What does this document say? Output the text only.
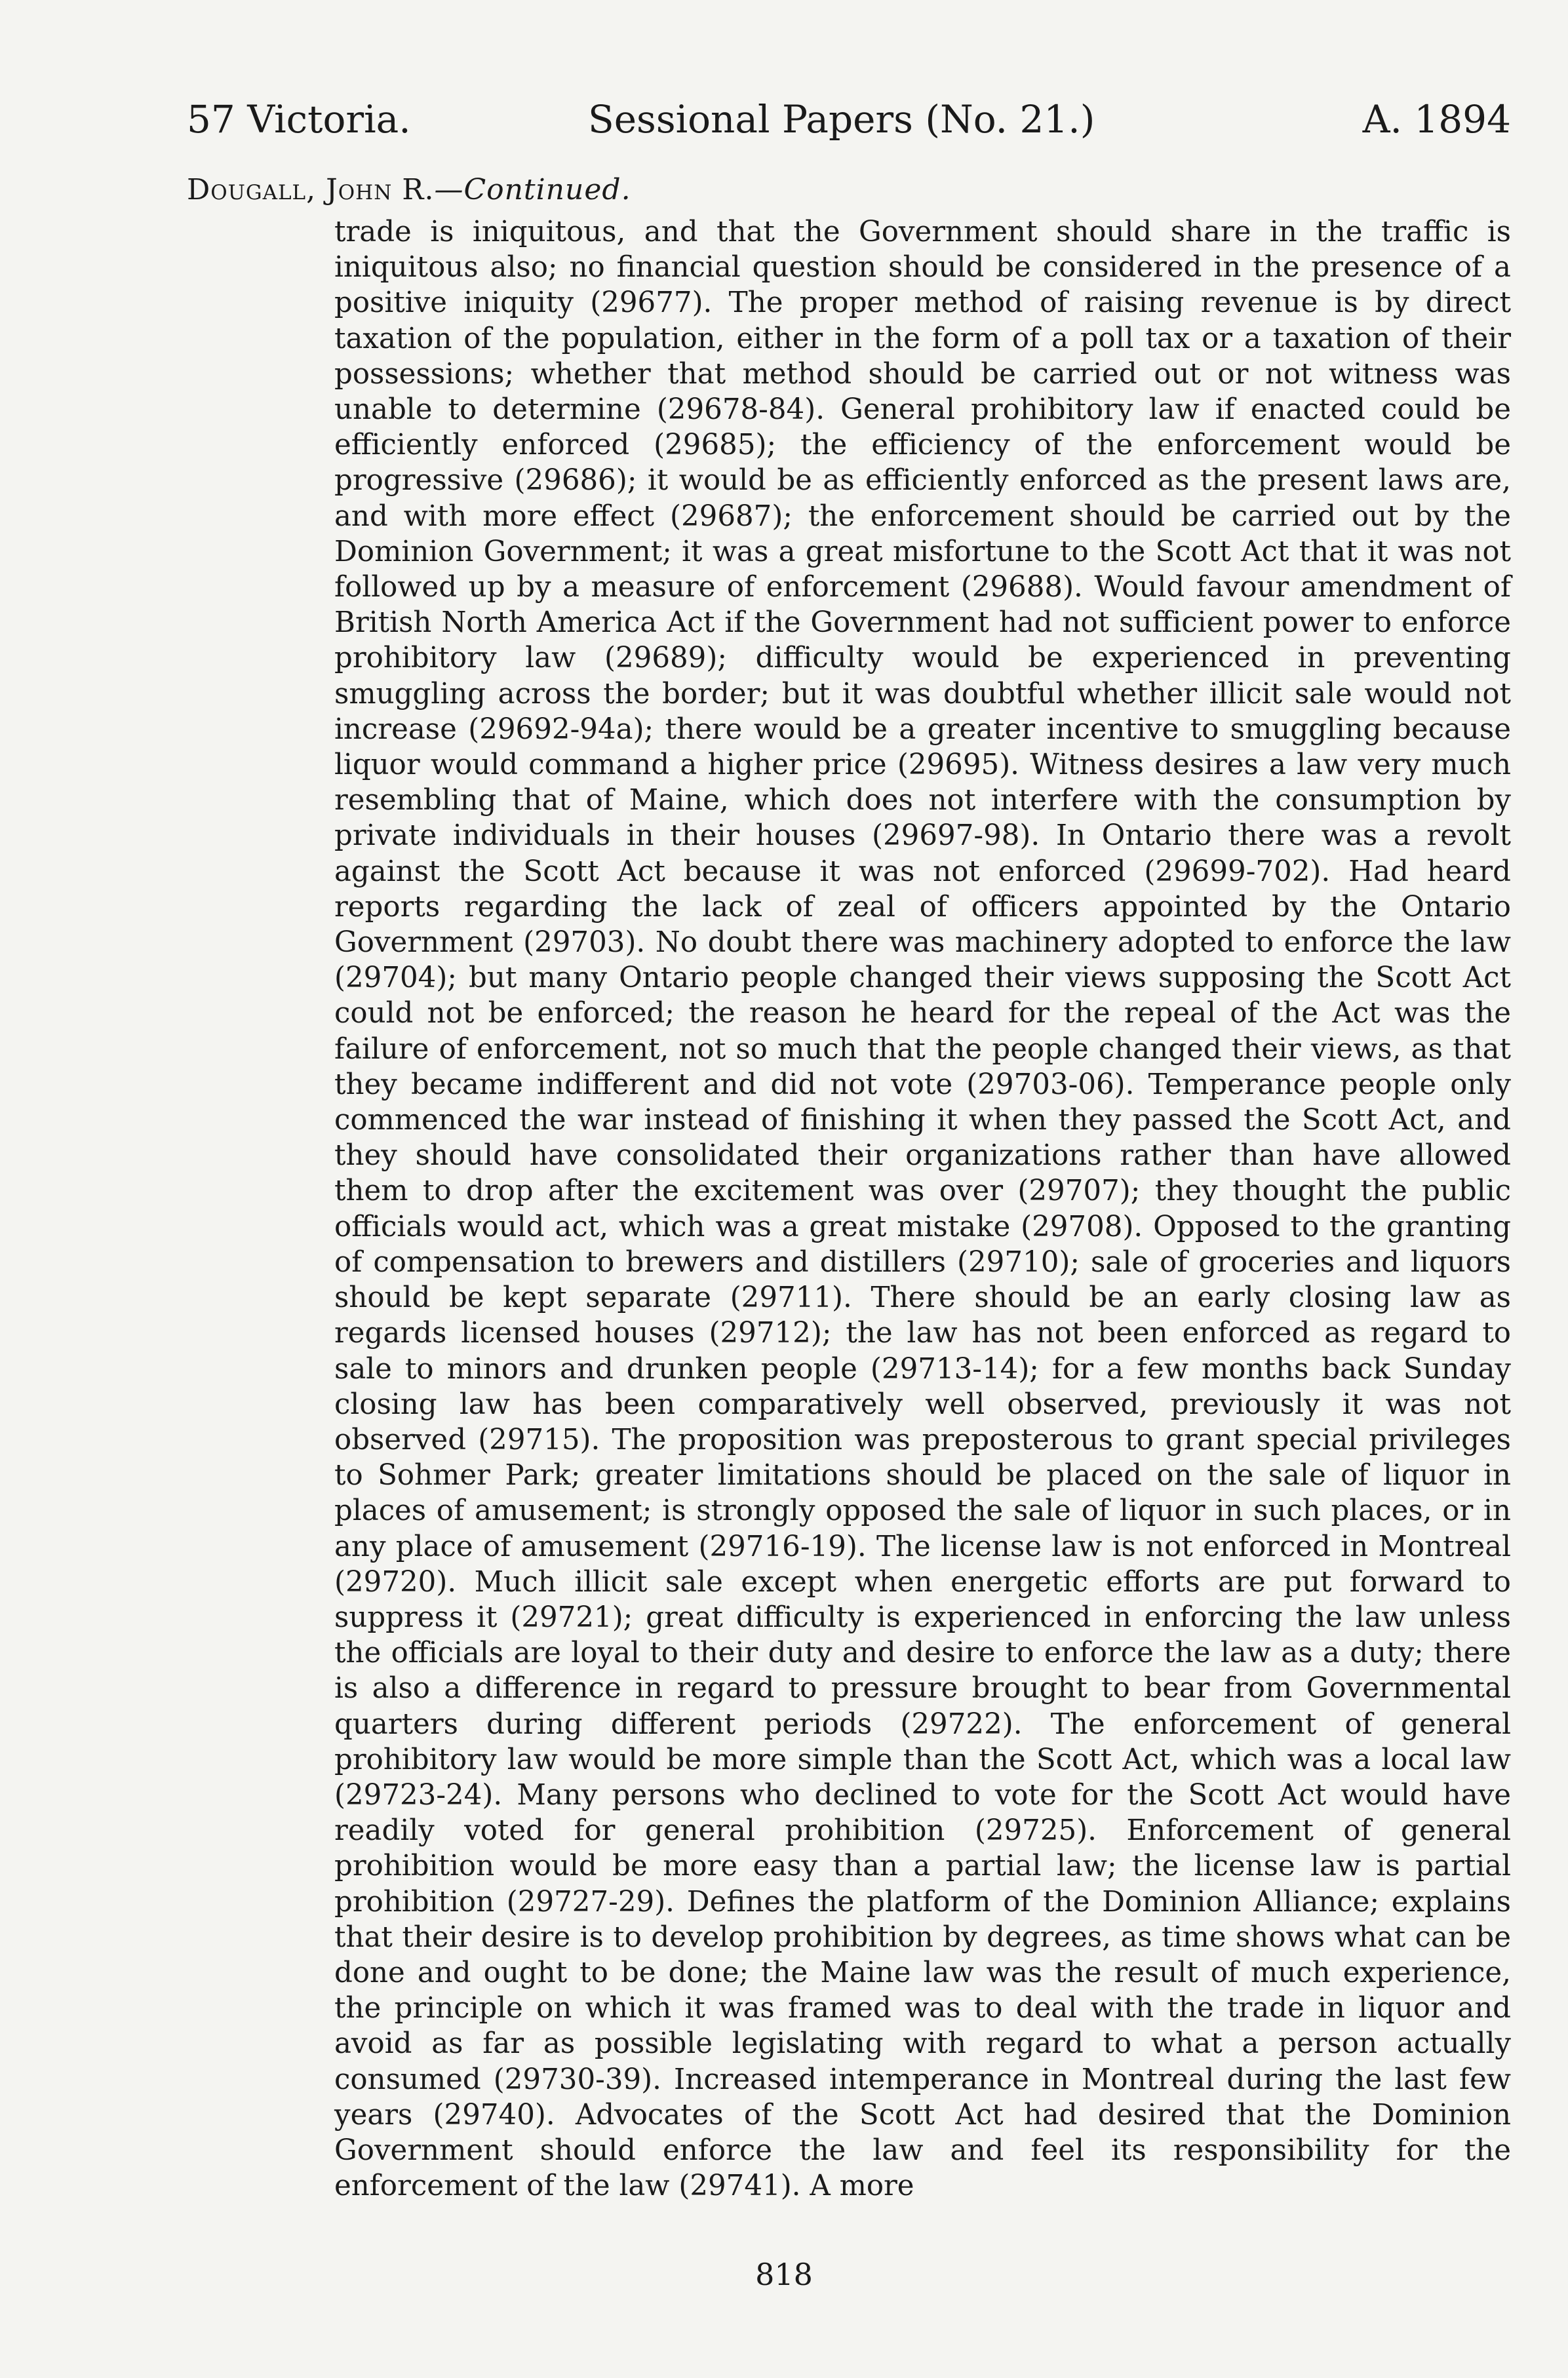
57 Victoria.	Sessional Papers (No. 21.)	A. 1894
Dougall, John R.—Continued.

trade is iniquitous, and that the Government should share in the traffic is iniquitous also; no financial question should be considered in the presence of a positive iniquity (29677). The proper method of raising revenue is by direct taxation of the population, either in the form of a poll tax or a taxation of their possessions; whether that method should be carried out or not witness was unable to determine (29678-84). General prohibitory law if enacted could be efficiently enforced (29685); the efficiency of the enforcement would be progressive (29686); it would be as efficiently enforced as the present laws are, and with more effect (29687); the enforcement should be carried out by the Dominion Government; it was a great misfortune to the Scott Act that it was not followed up by a measure of enforcement (29688). Would favour amendment of British North America Act if the Government had not sufficient power to enforce prohibitory law (29689); difficulty would be experienced in preventing smuggling across the border; but it was doubtful whether illicit sale would not increase (29692-94a); there would be a greater incentive to smuggling because liquor would command a higher price (29695). Witness desires a law very much resembling that of Maine, which does not interfere with the consumption by private individuals in their houses (29697-98). In Ontario there was a revolt against the Scott Act because it was not enforced (29699-702). Had heard reports regarding the lack of zeal of officers appointed by the Ontario Government (29703). No doubt there was machinery adopted to enforce the law (29704); but many Ontario people changed their views supposing the Scott Act could not be enforced; the reason he heard for the repeal of the Act was the failure of enforcement, not so much that the people changed their views, as that they became indifferent and did not vote (29703-06). Temperance people only commenced the war instead of finishing it when they passed the Scott Act, and they should have consolidated their organizations rather than have allowed them to drop after the excitement was over (29707); they thought the public officials would act, which was a great mistake (29708). Opposed to the granting of compensation to brewers and distillers (29710); sale of groceries and liquors should be kept separate (29711). There should be an early closing law as regards licensed houses (29712); the law has not been enforced as regard to sale to minors and drunken people (29713-14); for a few months back Sunday closing law has been comparatively well observed, previously it was not observed (29715). The proposition was preposterous to grant special privileges to Sohmer Park; greater limitations should be placed on the sale of liquor in places of amusement; is strongly opposed the sale of liquor in such places, or in any place of amusement (29716-19). The license law is not enforced in Montreal (29720). Much illicit sale except when energetic efforts are put forward to suppress it (29721); great difficulty is experienced in enforcing the law unless the officials are loyal to their duty and desire to enforce the law as a duty; there is also a difference in regard to pressure brought to bear from Governmental quarters during different periods (29722). The enforcement of general prohibitory law would be more simple than the Scott Act, which was a local law (29723-24). Many persons who declined to vote for the Scott Act would have readily voted for general prohibition (29725). Enforcement of general prohibition would be more easy than a partial law; the license law is partial prohibition (29727-29). Defines the platform of the Dominion Alliance; explains that their desire is to develop prohibition by degrees, as time shows what can be done and ought to be done; the Maine law was the result of much experience, the principle on which it was framed was to deal with the trade in liquor and avoid as far as possible legislating with regard to what a person actually consumed (29730-39). Increased intemperance in Montreal during the last few years (29740). Advocates of the Scott Act had desired that the Dominion Government should enforce the law and feel its responsibility for the enforcement of the law (29741). A more

818
